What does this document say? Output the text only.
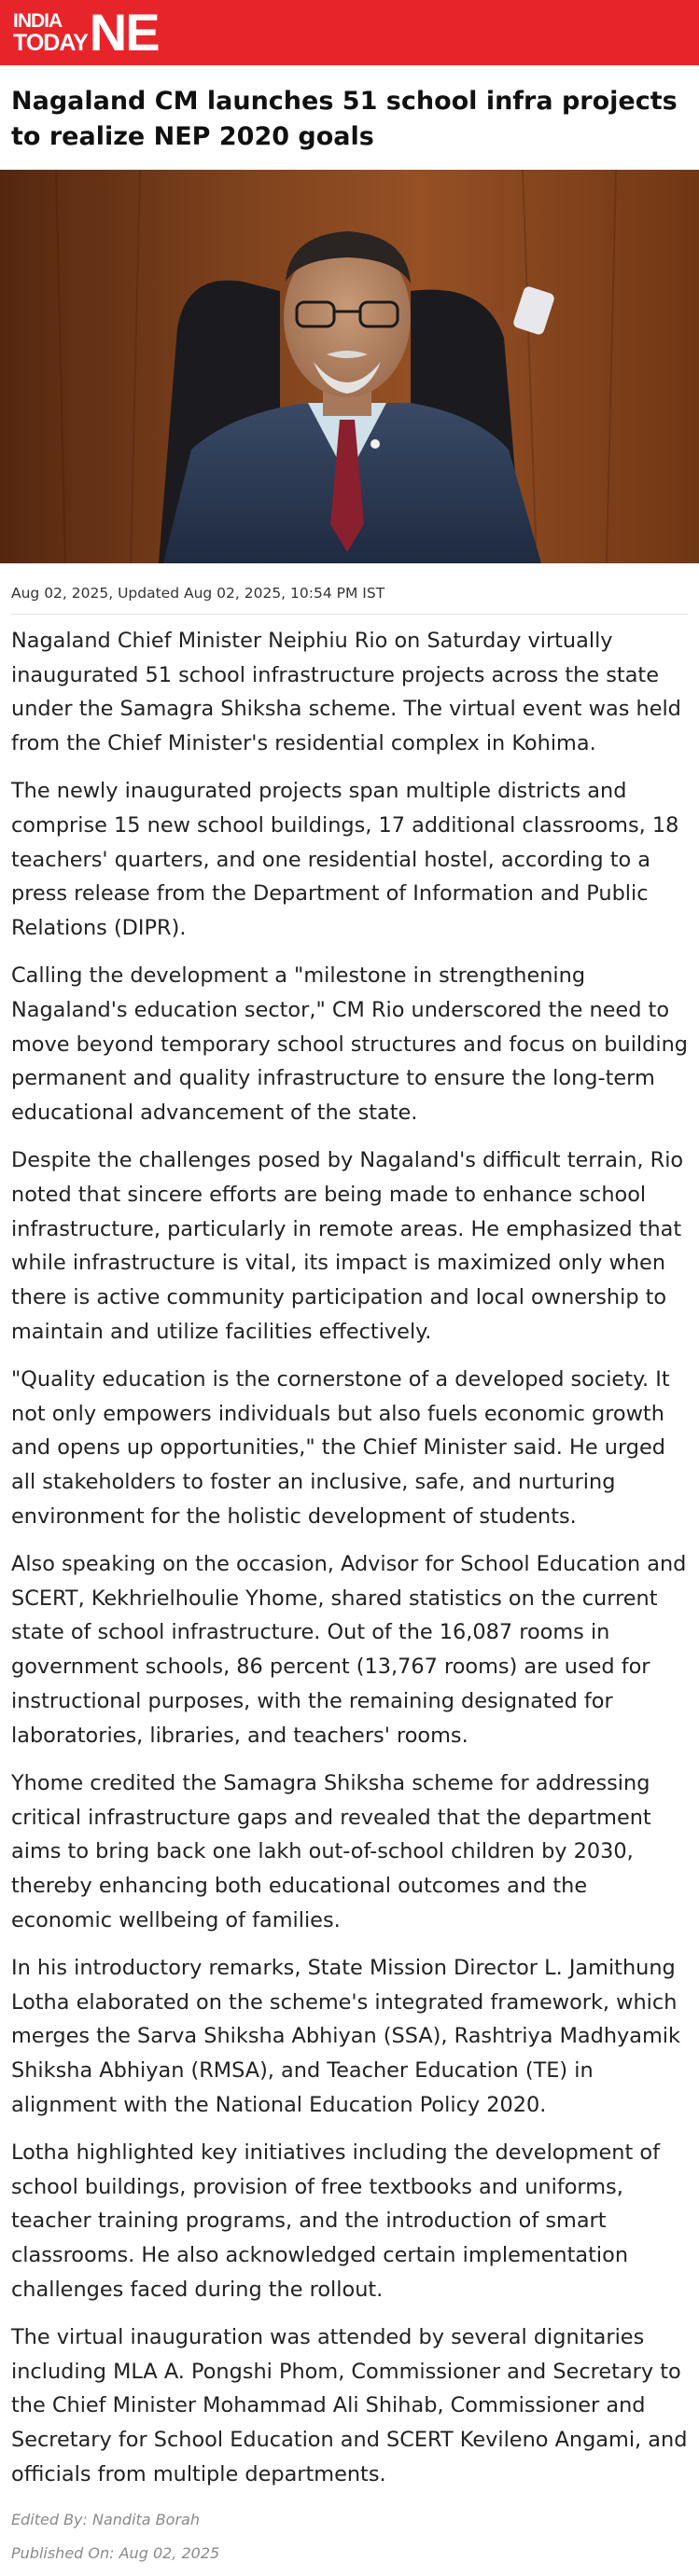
INDIA
TODAY NE
Nagaland CM launches 51 school infra projects to realize NEP 2020 goals
Aug 02, 2025, Updated Aug 02, 2025, 10:54 PM IST

Nagaland Chief Minister Neiphiu Rio on Saturday virtually inaugurated 51 school infrastructure projects across the state under the Samagra Shiksha scheme. The virtual event was held from the Chief Minister's residential complex in Kohima.

The newly inaugurated projects span multiple districts and comprise 15 new school buildings, 17 additional classrooms, 18 teachers' quarters, and one residential hostel, according to a press release from the Department of Information and Public Relations (DIPR).

Calling the development a "milestone in strengthening Nagaland's education sector," CM Rio underscored the need to move beyond temporary school structures and focus on building permanent and quality infrastructure to ensure the long-term educational advancement of the state.

Despite the challenges posed by Nagaland's difficult terrain, Rio noted that sincere efforts are being made to enhance school infrastructure, particularly in remote areas. He emphasized that while infrastructure is vital, its impact is maximized only when there is active community participation and local ownership to maintain and utilize facilities effectively.

"Quality education is the cornerstone of a developed society. It not only empowers individuals but also fuels economic growth and opens up opportunities," the Chief Minister said. He urged all stakeholders to foster an inclusive, safe, and nurturing environment for the holistic development of students.

Also speaking on the occasion, Advisor for School Education and SCERT, Kekhrielhoulie Yhome, shared statistics on the current state of school infrastructure. Out of the 16,087 rooms in government schools, 86 percent (13,767 rooms) are used for instructional purposes, with the remaining designated for laboratories, libraries, and teachers' rooms.

Yhome credited the Samagra Shiksha scheme for addressing critical infrastructure gaps and revealed that the department aims to bring back one lakh out-of-school children by 2030, thereby enhancing both educational outcomes and the economic wellbeing of families.

In his introductory remarks, State Mission Director L. Jamithung Lotha elaborated on the scheme's integrated framework, which merges the Sarva Shiksha Abhiyan (SSA), Rashtriya Madhyamik Shiksha Abhiyan (RMSA), and Teacher Education (TE) in alignment with the National Education Policy 2020.

Lotha highlighted key initiatives including the development of school buildings, provision of free textbooks and uniforms, teacher training programs, and the introduction of smart classrooms. He also acknowledged certain implementation challenges faced during the rollout.

The virtual inauguration was attended by several dignitaries including MLA A. Pongshi Phom, Commissioner and Secretary to the Chief Minister Mohammad Ali Shihab, Commissioner and Secretary for School Education and SCERT Kevileno Angami, and officials from multiple departments.

Edited By: Nandita Borah
Published On: Aug 02, 2025
